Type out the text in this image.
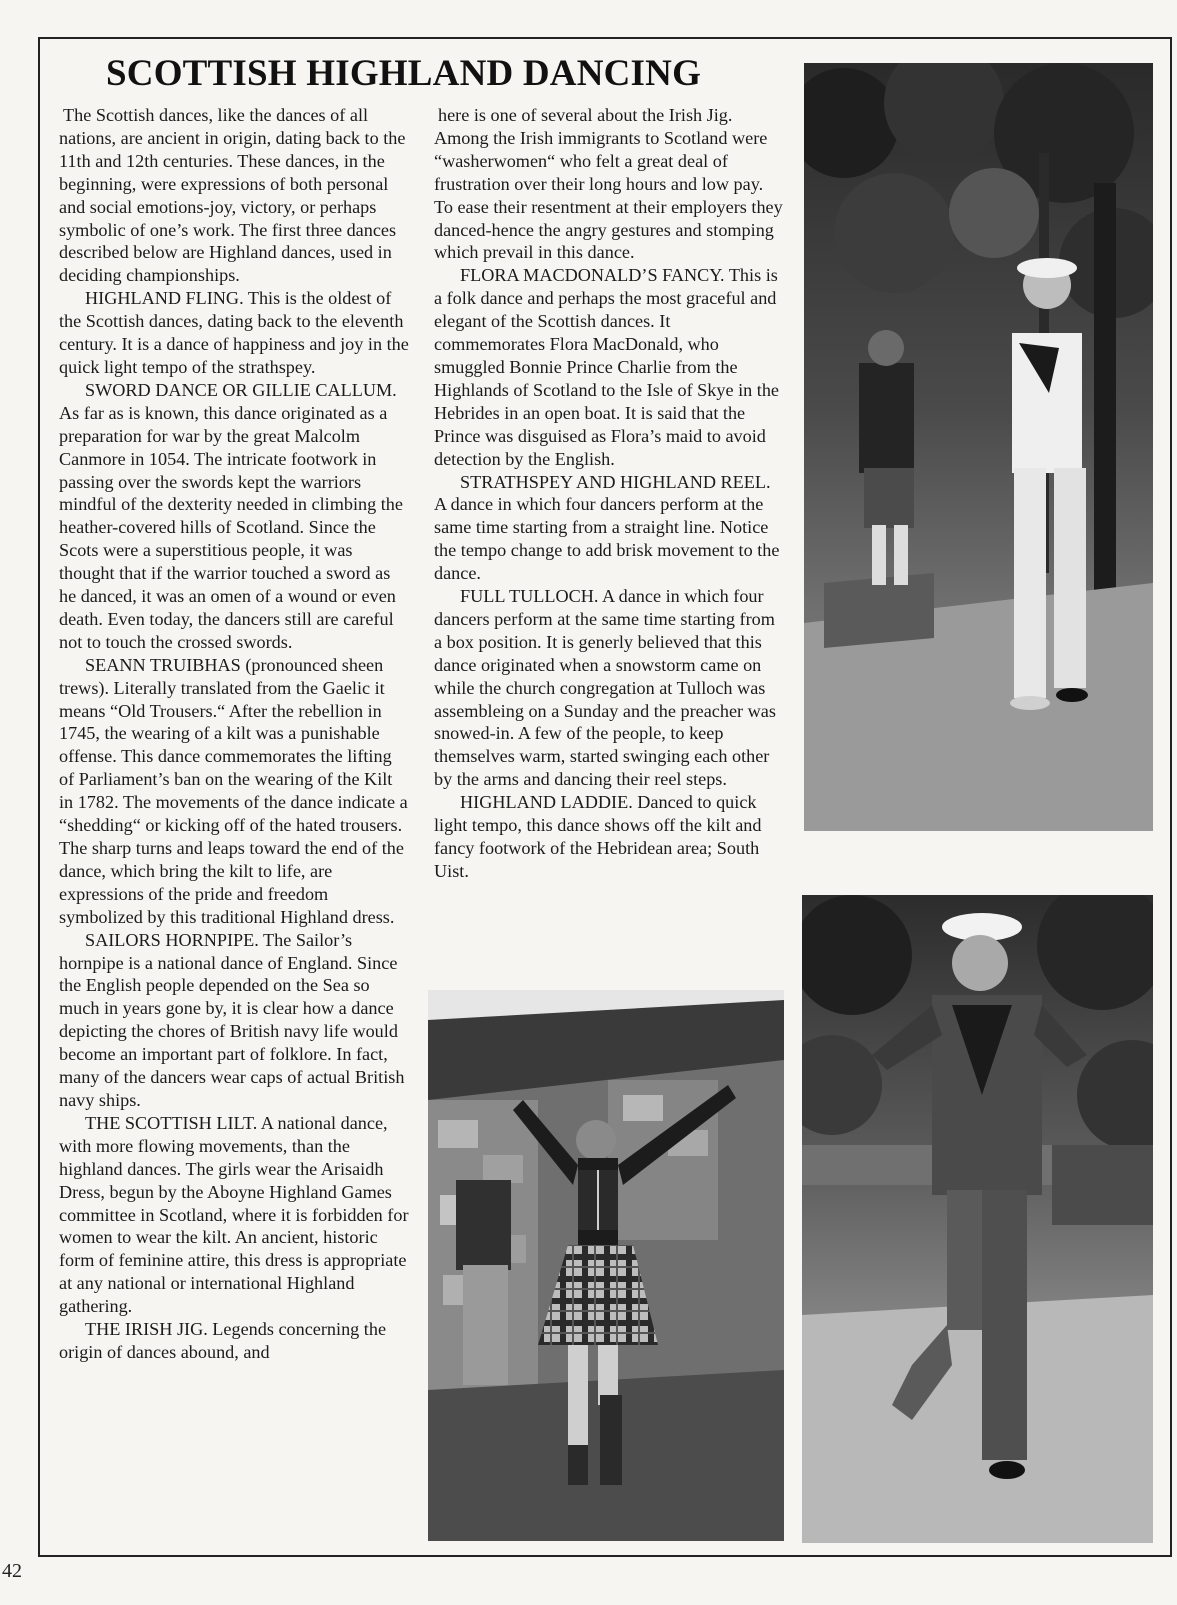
SCOTTISH HIGHLAND DANCING

The Scottish dances, like the dances of all nations, are ancient in origin, dating back to the 11th and 12th centuries. These dances, in the beginning, were expressions of both personal and social emotions-joy, victory, or perhaps symbolic of one’s work. The first three dances described below are Highland dances, used in deciding championships.

HIGHLAND FLING. This is the oldest of the Scottish dances, dating back to the eleventh century. It is a dance of happiness and joy in the quick light tempo of the strathspey.

SWORD DANCE OR GILLIE CALLUM. As far as is known, this dance originated as a preparation for war by the great Malcolm Canmore in 1054. The intricate footwork in passing over the swords kept the warriors mindful of the dexterity needed in climbing the heather-covered hills of Scotland. Since the Scots were a superstitious people, it was thought that if the warrior touched a sword as he danced, it was an omen of a wound or even death. Even today, the dancers still are careful not to touch the crossed swords.

SEANN TRUIBHAS (pronounced sheen trews). Literally translated from the Gaelic it means “Old Trousers.“ After the rebellion in 1745, the wearing of a kilt was a punishable offense. This dance commemorates the lifting of Parliament’s ban on the wearing of the Kilt in 1782. The movements of the dance indicate a “shedding“ or kicking off of the hated trousers. The sharp turns and leaps toward the end of the dance, which bring the kilt to life, are expressions of the pride and freedom symbolized by this traditional Highland dress.

SAILORS HORNPIPE. The Sailor’s hornpipe is a national dance of England. Since the English people depended on the Sea so much in years gone by, it is clear how a dance depicting the chores of British navy life would become an important part of folklore. In fact, many of the dancers wear caps of actual British navy ships.

THE SCOTTISH LILT. A national dance, with more flowing movements, than the highland dances. The girls wear the Arisaidh Dress, begun by the Aboyne Highland Games committee in Scotland, where it is forbidden for women to wear the kilt. An ancient, historic form of feminine attire, this dress is appropriate at any national or international Highland gathering.

THE IRISH JIG. Legends concerning the origin of dances abound, and

here is one of several about the Irish Jig. Among the Irish immigrants to Scotland were “washerwomen“ who felt a great deal of frustration over their long hours and low pay. To ease their resentment at their employers they danced-hence the angry gestures and stomping which prevail in this dance.

FLORA MACDONALD’S FANCY. This is a folk dance and perhaps the most graceful and elegant of the Scottish dances. It commemorates Flora MacDonald, who smuggled Bonnie Prince Charlie from the Highlands of Scotland to the Isle of Skye in the Hebrides in an open boat. It is said that the Prince was disguised as Flora’s maid to avoid detection by the English.

STRATHSPEY AND HIGHLAND REEL. A dance in which four dancers perform at the same time starting from a straight line. Notice the tempo change to add brisk movement to the dance.

FULL TULLOCH. A dance in which four dancers perform at the same time starting from a box position. It is generly believed that this dance originated when a snowstorm came on while the church congregation at Tulloch was assembleing on a Sunday and the preacher was snowed-in. A few of the people, to keep themselves warm, started swinging each other by the arms and dancing their reel steps.

HIGHLAND LADDIE. Danced to quick light tempo, this dance shows off the kilt and fancy footwork of the Hebridean area; South Uist.

42
